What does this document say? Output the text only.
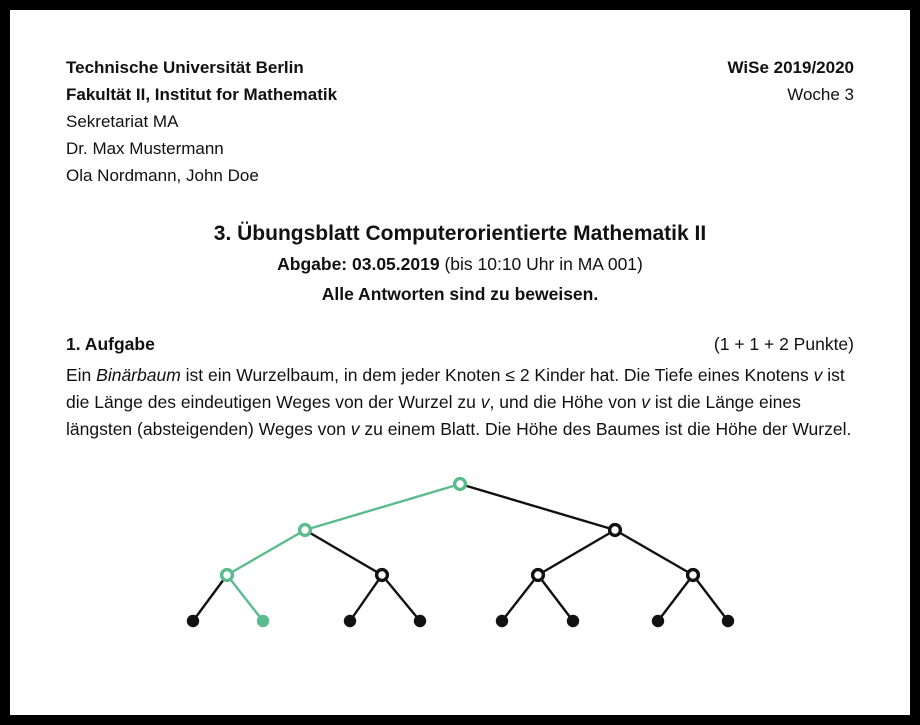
Technische Universität Berlin
Fakultät II, Institut for Mathematik
Sekretariat MA
Dr. Max Mustermann
Ola Nordmann, John Doe
WiSe 2019/2020
Woche 3
3. Übungsblatt Computerorientierte Mathematik II
Abgabe: 03.05.2019 (bis 10:10 Uhr in MA 001)
Alle Antworten sind zu beweisen.
1. Aufgabe	(1 + 1 + 2 Punkte)
Ein Binärbaum ist ein Wurzelbaum, in dem jeder Knoten ≤ 2 Kinder hat. Die Tiefe eines Knotens v ist die Länge des eindeutigen Weges von der Wurzel zu v, und die Höhe von v ist die Länge eines längsten (absteigenden) Weges von v zu einem Blatt. Die Höhe des Baumes ist die Höhe der Wurzel.
